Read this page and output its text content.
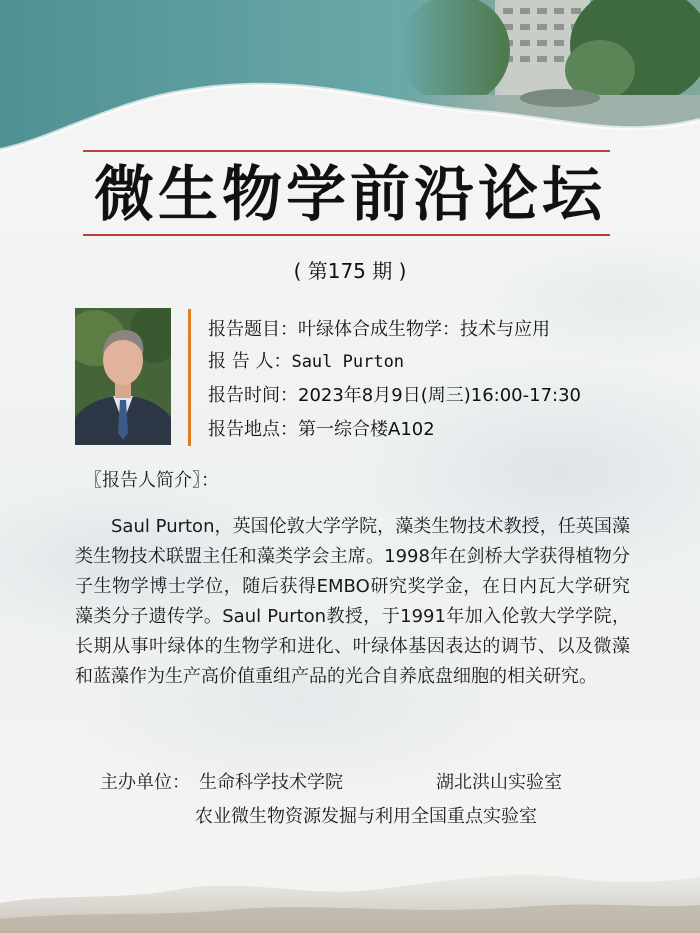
微生物学前沿论坛
( 第175 期 )
报告题目：叶绿体合成生物学：技术与应用
报 告 人：Saul Purton
报告时间：2023年8月9日(周三)16:00-17:30
报告地点：第一综合楼A102
〖报告人简介〗：
Saul Purton，英国伦敦大学学院，藻类生物技术教授，任英国藻类生物技术联盟主任和藻类学会主席。1998年在剑桥大学获得植物分子生物学博士学位，随后获得EMBO研究奖学金，在日内瓦大学研究藻类分子遗传学。Saul Purton教授，于1991年加入伦敦大学学院，长期从事叶绿体的生物学和进化、叶绿体基因表达的调节、以及微藻和蓝藻作为生产高价值重组产品的光合自养底盘细胞的相关研究。
主办单位： 生命科学技术学院	湖北洪山实验室
农业微生物资源发掘与利用全国重点实验室
